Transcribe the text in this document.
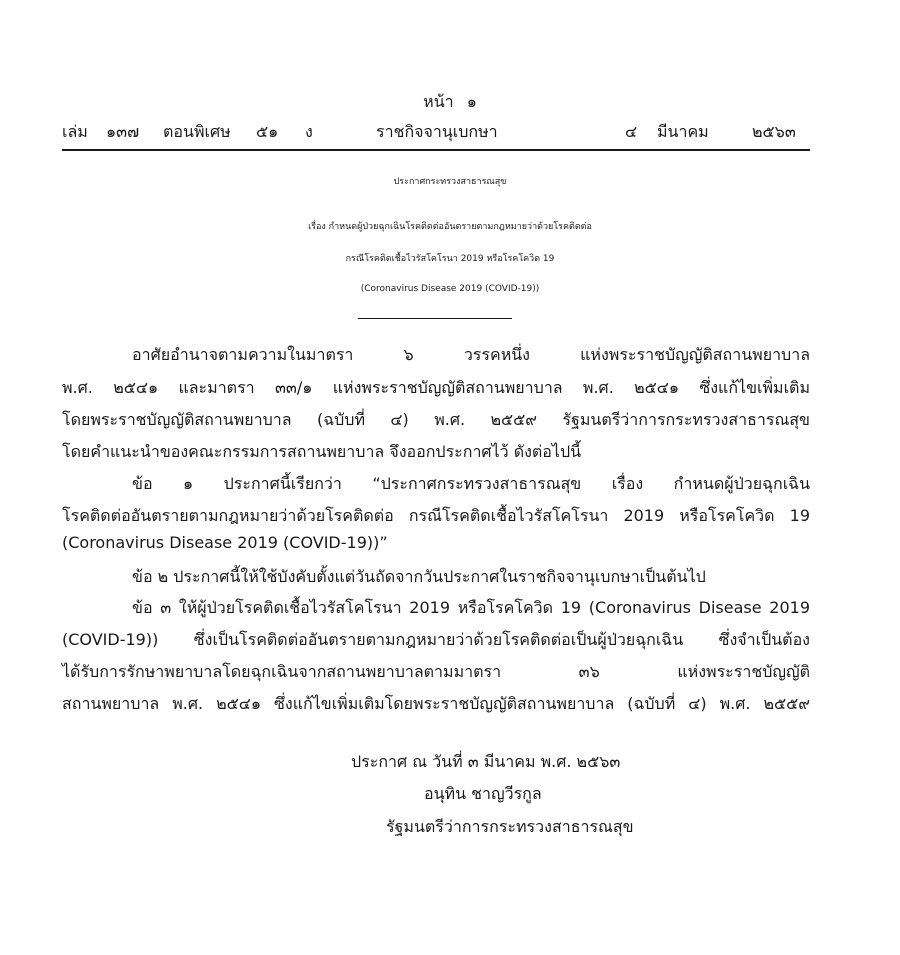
หน้า ๑
เล่ม ๑๓๗ ตอนพิเศษ ๕๑ ง	ราชกิจจานุเบกษา	๔ มีนาคม	๒๕๖๓
ประกาศกระทรวงสาธารณสุข
เรื่อง กำหนดผู้ป่วยฉุกเฉินโรคติดต่ออันตรายตามกฎหมายว่าด้วยโรคติดต่อ
กรณีโรคติดเชื้อไวรัสโคโรนา 2019 หรือโรคโควิด 19
(Coronavirus Disease 2019 (COVID-19))
อาศัยอำนาจตามความในมาตรา ๖ วรรคหนึ่ง แห่งพระราชบัญญัติสถานพยาบาล
พ.ศ. ๒๕๔๑ และมาตรา ๓๓/๑ แห่งพระราชบัญญัติสถานพยาบาล พ.ศ. ๒๕๔๑ ซึ่งแก้ไขเพิ่มเติม
โดยพระราชบัญญัติสถานพยาบาล (ฉบับที่ ๔) พ.ศ. ๒๕๕๙ รัฐมนตรีว่าการกระทรวงสาธารณสุข
โดยคำแนะนำของคณะกรรมการสถานพยาบาล จึงออกประกาศไว้ ดังต่อไปนี้
ข้อ ๑ ประกาศนี้เรียกว่า “ประกาศกระทรวงสาธารณสุข เรื่อง กำหนดผู้ป่วยฉุกเฉิน
โรคติดต่ออันตรายตามกฎหมายว่าด้วยโรคติดต่อ กรณีโรคติดเชื้อไวรัสโคโรนา 2019 หรือโรคโควิด 19
(Coronavirus Disease 2019 (COVID-19))”
ข้อ ๒ ประกาศนี้ให้ใช้บังคับตั้งแต่วันถัดจากวันประกาศในราชกิจจานุเบกษาเป็นต้นไป
ข้อ ๓ ให้ผู้ป่วยโรคติดเชื้อไวรัสโคโรนา 2019 หรือโรคโควิด 19 (Coronavirus Disease 2019
(COVID-19)) ซึ่งเป็นโรคติดต่ออันตรายตามกฎหมายว่าด้วยโรคติดต่อเป็นผู้ป่วยฉุกเฉิน ซึ่งจำเป็นต้อง
ได้รับการรักษาพยาบาลโดยฉุกเฉินจากสถานพยาบาลตามมาตรา ๓๖ แห่งพระราชบัญญัติ
สถานพยาบาล พ.ศ. ๒๕๔๑ ซึ่งแก้ไขเพิ่มเติมโดยพระราชบัญญัติสถานพยาบาล (ฉบับที่ ๔) พ.ศ. ๒๕๕๙
ประกาศ ณ วันที่ ๓ มีนาคม พ.ศ. ๒๕๖๓
อนุทิน ชาญวีรกูล
รัฐมนตรีว่าการกระทรวงสาธารณสุข
